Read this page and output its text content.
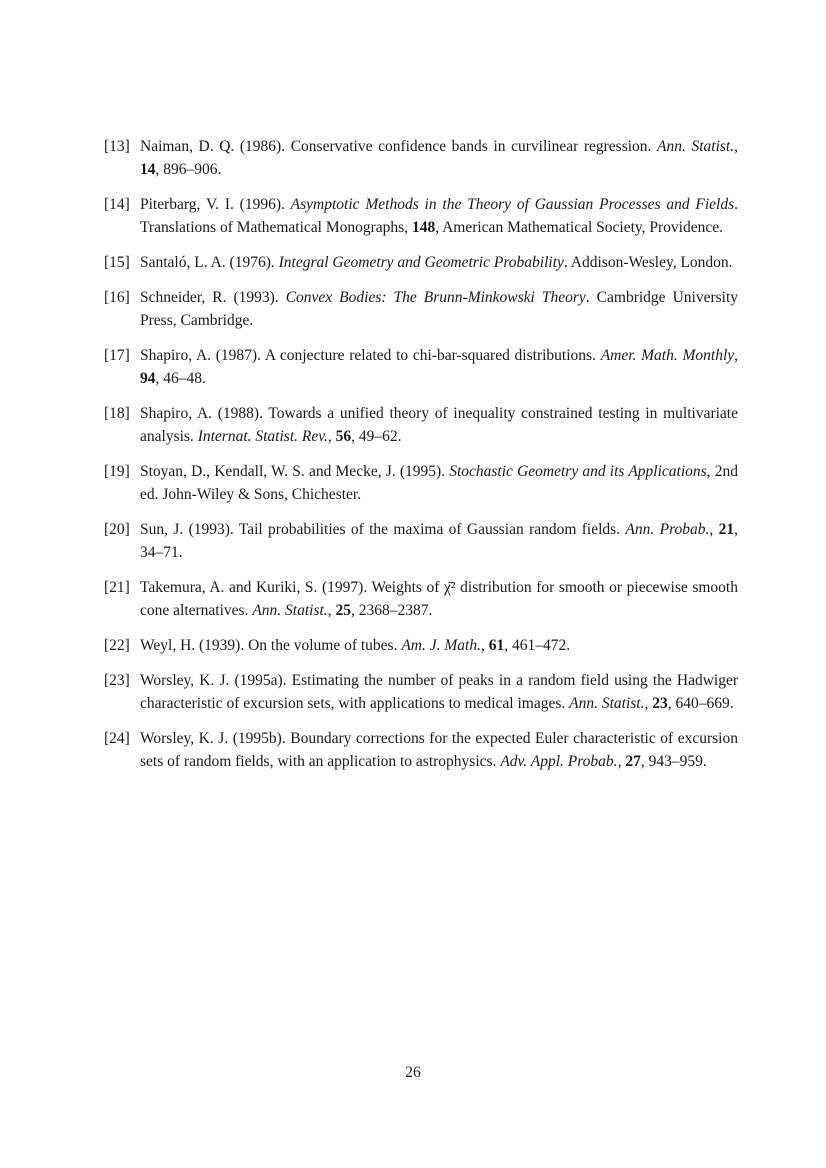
[13] Naiman, D. Q. (1986). Conservative confidence bands in curvilinear regression. Ann. Statist., 14, 896–906.
[14] Piterbarg, V. I. (1996). Asymptotic Methods in the Theory of Gaussian Processes and Fields. Translations of Mathematical Monographs, 148, American Mathematical Society, Providence.
[15] Santaló, L. A. (1976). Integral Geometry and Geometric Probability. Addison-Wesley, London.
[16] Schneider, R. (1993). Convex Bodies: The Brunn-Minkowski Theory. Cambridge University Press, Cambridge.
[17] Shapiro, A. (1987). A conjecture related to chi-bar-squared distributions. Amer. Math. Monthly, 94, 46–48.
[18] Shapiro, A. (1988). Towards a unified theory of inequality constrained testing in multivariate analysis. Internat. Statist. Rev., 56, 49–62.
[19] Stoyan, D., Kendall, W. S. and Mecke, J. (1995). Stochastic Geometry and its Applications, 2nd ed. John-Wiley & Sons, Chichester.
[20] Sun, J. (1993). Tail probabilities of the maxima of Gaussian random fields. Ann. Probab., 21, 34–71.
[21] Takemura, A. and Kuriki, S. (1997). Weights of χ̄² distribution for smooth or piecewise smooth cone alternatives. Ann. Statist., 25, 2368–2387.
[22] Weyl, H. (1939). On the volume of tubes. Am. J. Math., 61, 461–472.
[23] Worsley, K. J. (1995a). Estimating the number of peaks in a random field using the Hadwiger characteristic of excursion sets, with applications to medical images. Ann. Statist., 23, 640–669.
[24] Worsley, K. J. (1995b). Boundary corrections for the expected Euler characteristic of excursion sets of random fields, with an application to astrophysics. Adv. Appl. Probab., 27, 943–959.
26
